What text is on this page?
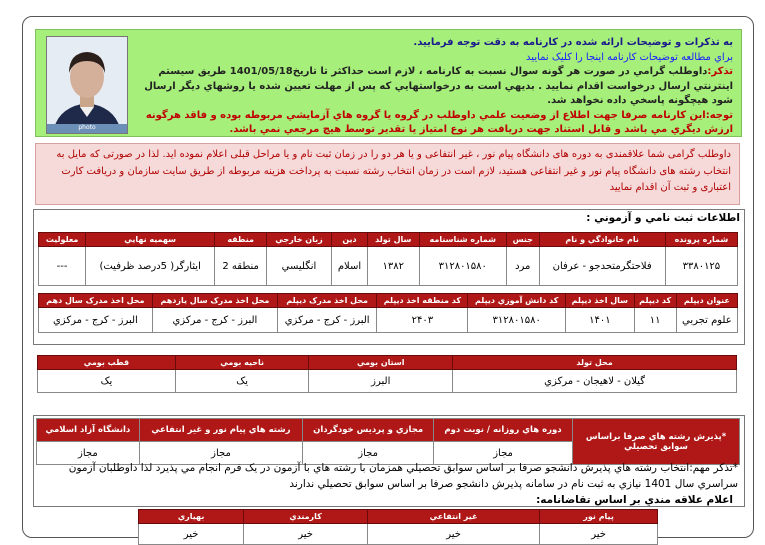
photo
به تذکرات و توضیحات ارائه شده در کارنامه به دقت توجه فرمایید.
براي مطالعه توضيحات کارنامه اينجا را کليک نماييد
تذکر:داوطلب گرامي در صورت هر گونه سوال نسبت به کارنامه ، لازم است حداکثر تا تاريخ1401/05/18 طريق سيستم اينترنتي ارسال درخواست اقدام نماييد . بديهي است به درخواستهايي که پس از مهلت تعيين شده يا روشهاي ديگر ارسال شود هيچگونه پاسخي داده نخواهد شد.
توجه:اين کارنامه صرفا جهت اطلاع از وضعيت علمي داوطلب در گروه يا گروه هاي آزمايشي مربوطه بوده و فاقد هرگونه ارزش ديگري مي باشد و قابل استناد جهت دريافت هر نوع امتياز يا تقدير توسط هيچ مرجعي نمي باشد.
داوطلب گرامی شما علاقمندی به دوره های دانشگاه پیام نور ، غیر انتفاعی و یا هر دو را در زمان ثبت نام و یا مراحل قبلی اعلام نموده اید. لذا در صورتی که مایل به انتخاب رشته های دانشگاه پیام نور و غیر انتفاعی هستید، لازم است در زمان انتخاب رشته نسبت به پرداخت هزینه مربوطه از طریق سایت سازمان و دریافت کارت اعتباری و ثبت آن اقدام نمایید
اطلاعات ثبت نامي و آزموني :
شماره پرونده	نام خانوادگي و نام	جنس	شماره شناسنامه	سال تولد	دين	زبان خارجي	منطقه	سهميه نهايي	معلوليت
۳۳۸۰۱۲۵	فلاحتگرمتحدجو - عرفان	مرد	۳۱۲۸۰۱۵۸۰	۱۳۸۲	اسلام	انگليسي	منطقه 2	ايثارگر( 5درصد ظرفيت)	---
عنوان ديپلم	کد ديپلم	سال اخذ ديپلم	کد دانش آموزي ديپلم	کد منطقه اخذ ديپلم	محل اخذ مدرک ديپلم	محل اخذ مدرک سال يازدهم	محل اخذ مدرک سال دهم
علوم تجربي	۱۱	۱۴۰۱	۳۱۲۸۰۱۵۸۰	۲۴۰۳	البرز - کرج - مرکزي	البرز - کرج - مرکزي	البرز - کرج - مرکزي
محل تولد	استان بومي	ناحيه بومي	قطب بومي
گيلان - لاهيجان - مرکزي	البرز	يک	يک
*پذيرش رشته هاي صرفا براساس سوابق تحصيلي	دوره هاي روزانه / نوبت دوم	مجازي و پرديس خودگردان	رشته هاي پيام نور و غير انتفاعي	دانشگاه آزاد اسلامي
	مجاز	مجاز	مجاز	مجاز
*تذکر مهم:انتخاب رشته هاي پذيرش دانشجو صرفا بر اساس سوابق تحصيلي همزمان با رشته هاي با آزمون در يک فرم انجام مي پذيرد لذا داوطلبان آزمون سراسري سال 1401 نيازي به ثبت نام در سامانه پذيرش دانشجو صرفا بر اساس سوابق تحصيلي ندارند
اعلام علاقه مندي بر اساس تقاضانامه:
پيام نور	غير انتفاعي	کارمندي	بهياري
خير	خير	خير	خير
